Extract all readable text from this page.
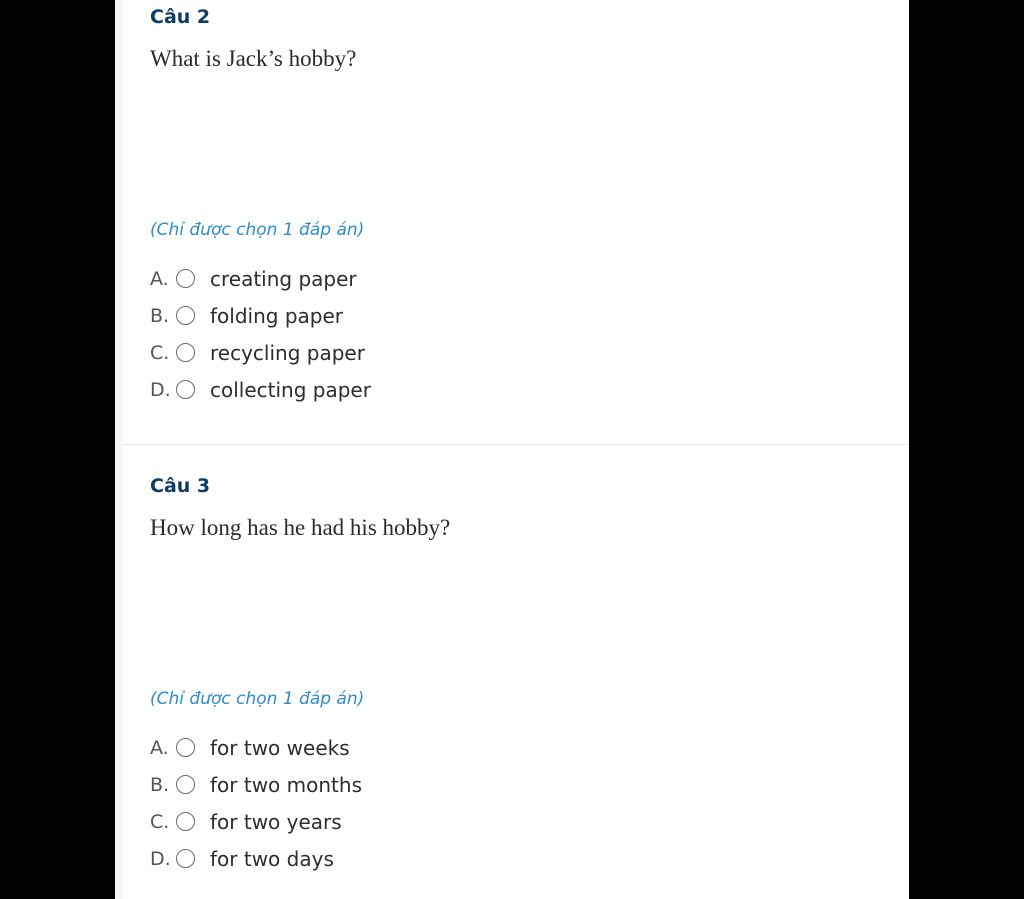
Câu 2
What is Jack’s hobby?
(Chỉ được chọn 1 đáp án)
A.	creating paper
B.	folding paper
C.	recycling paper
D. collecting paper
Câu 3
How long has he had his hobby?
(Chỉ được chọn 1 đáp án)
A.	for two weeks
B.	for two months
C.	for two years
D. for two days
